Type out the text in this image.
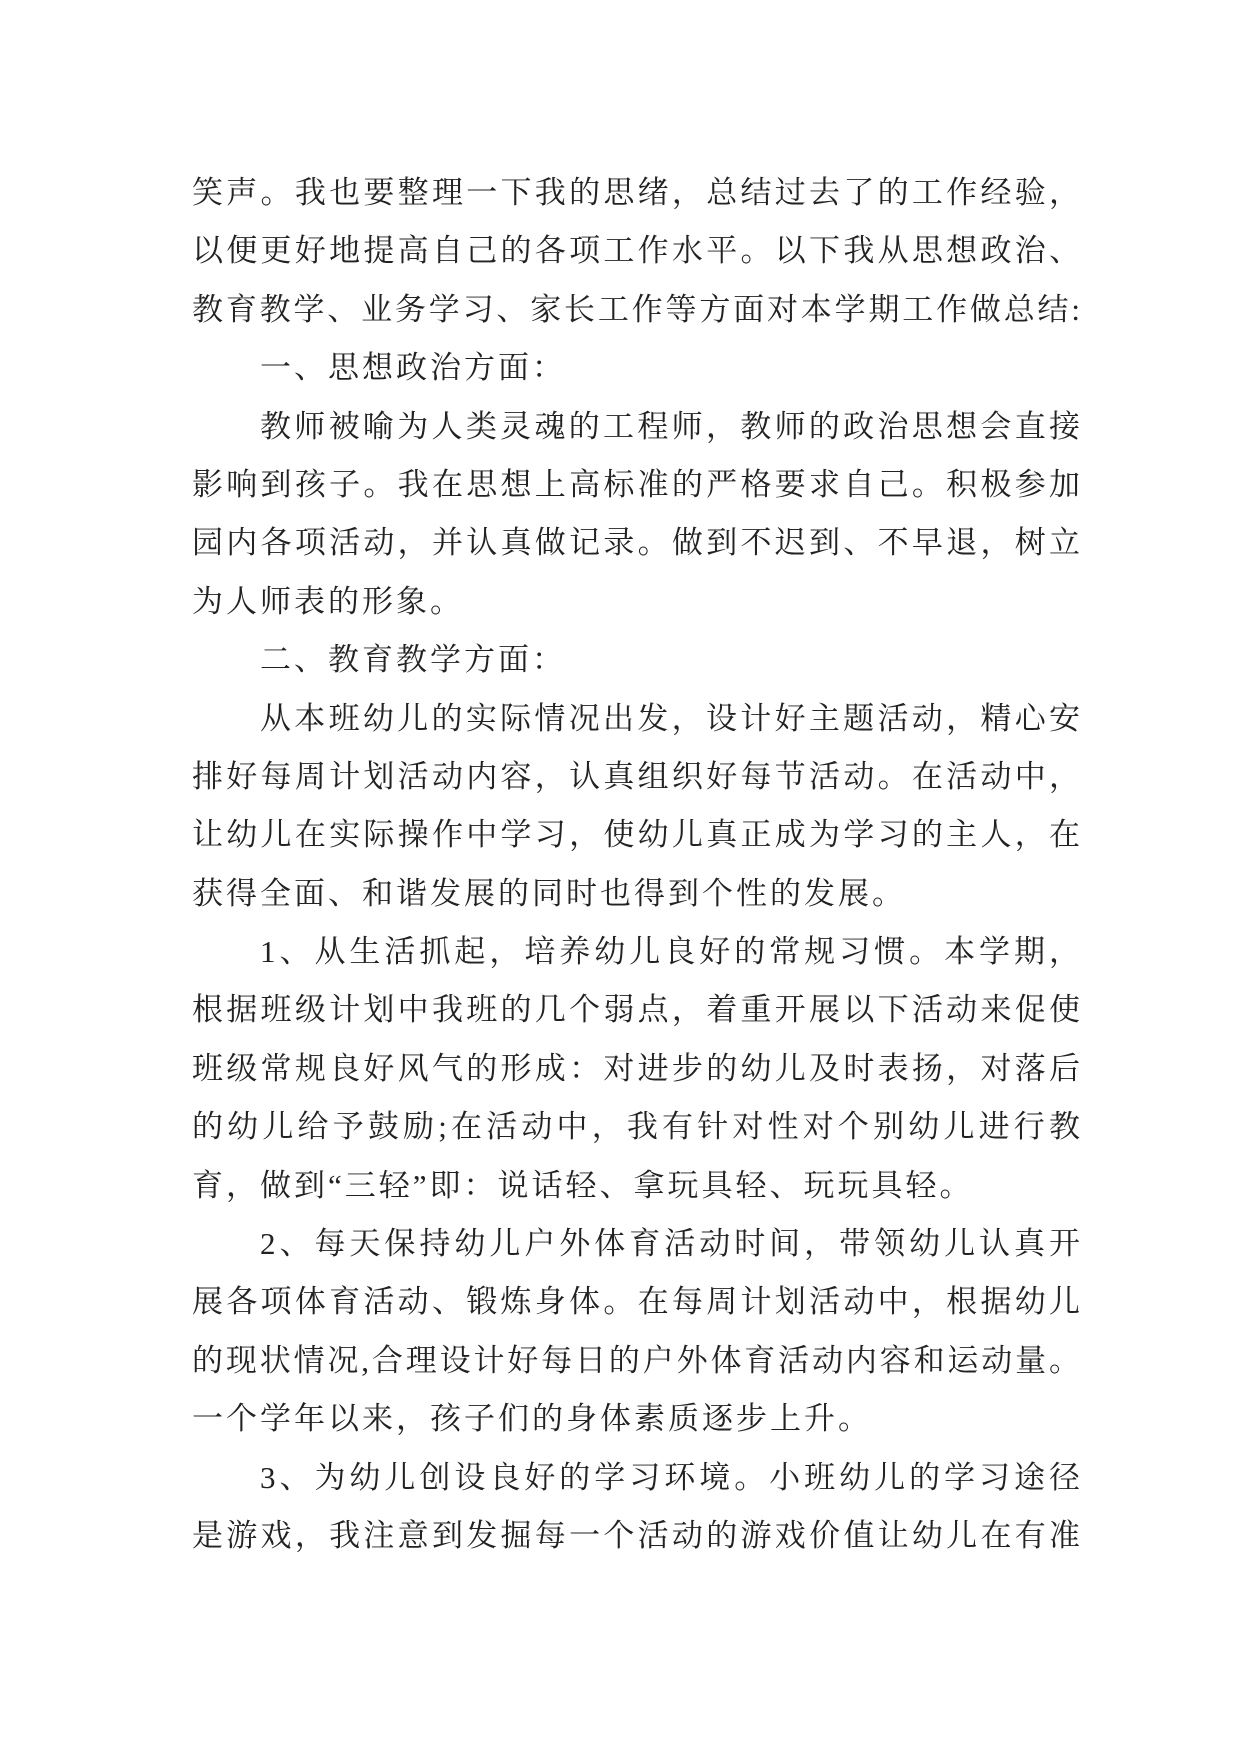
笑声。我也要整理一下我的思绪，总结过去了的工作经验，
以便更好地提高自己的各项工作水平。以下我从思想政治、
教育教学、业务学习、家长工作等方面对本学期工作做总结:
一、思想政治方面：
教师被喻为人类灵魂的工程师，教师的政治思想会直接
影响到孩子。我在思想上高标准的严格要求自己。积极参加
园内各项活动，并认真做记录。做到不迟到、不早退，树立
为人师表的形象。
二、教育教学方面：
从本班幼儿的实际情况出发，设计好主题活动，精心安
排好每周计划活动内容，认真组织好每节活动。在活动中，
让幼儿在实际操作中学习，使幼儿真正成为学习的主人，在
获得全面、和谐发展的同时也得到个性的发展。
1、从生活抓起，培养幼儿良好的常规习惯。本学期，
根据班级计划中我班的几个弱点，着重开展以下活动来促使
班级常规良好风气的形成：对进步的幼儿及时表扬，对落后
的幼儿给予鼓励;在活动中，我有针对性对个别幼儿进行教
育，做到“三轻”即：说话轻、拿玩具轻、玩玩具轻。
2、每天保持幼儿户外体育活动时间，带领幼儿认真开
展各项体育活动、锻炼身体。在每周计划活动中，根据幼儿
的现状情况,合理设计好每日的户外体育活动内容和运动量。
一个学年以来，孩子们的身体素质逐步上升。
3、为幼儿创设良好的学习环境。小班幼儿的学习途径
是游戏，我注意到发掘每一个活动的游戏价值让幼儿在有准
